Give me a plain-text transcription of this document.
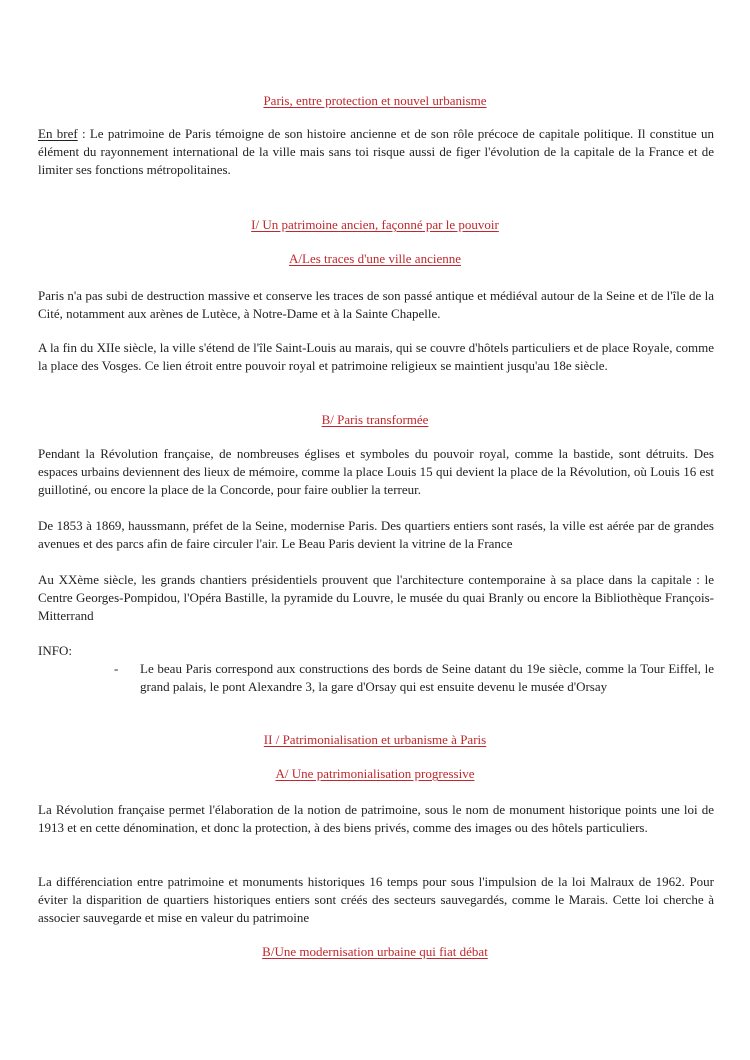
Paris, entre protection et nouvel urbanisme

En bref : Le patrimoine de Paris témoigne de son histoire ancienne et de son rôle précoce de capitale politique. Il constitue un élément du rayonnement international de la ville mais sans toi risque aussi de figer l'évolution de la capitale de la France et de limiter ses fonctions métropolitaines.

I/ Un patrimoine ancien, façonné par le pouvoir
A/Les traces d'une ville ancienne

Paris n'a pas subi de destruction massive et conserve les traces de son passé antique et médiéval autour de la Seine et de l'île de la Cité, notamment aux arènes de Lutèce, à Notre-Dame et à la Sainte Chapelle.

A la fin du XIIe siècle, la ville s'étend de l'île Saint-Louis au marais, qui se couvre d'hôtels particuliers et de place Royale, comme la place des Vosges. Ce lien étroit entre pouvoir royal et patrimoine religieux se maintient jusqu'au 18e siècle.

B/ Paris transformée

Pendant la Révolution française, de nombreuses églises et symboles du pouvoir royal, comme la bastide, sont détruits. Des espaces urbains deviennent des lieux de mémoire, comme la place Louis 15 qui devient la place de la Révolution, où Louis 16 est guillotiné, ou encore la place de la Concorde, pour faire oublier la terreur.

De 1853 à 1869, haussmann, préfet de la Seine, modernise Paris. Des quartiers entiers sont rasés, la ville est aérée par de grandes avenues et des parcs afin de faire circuler l'air. Le Beau Paris devient la vitrine de la France

Au XXème siècle, les grands chantiers présidentiels prouvent que l'architecture contemporaine à sa place dans la capitale : le Centre Georges-Pompidou, l'Opéra Bastille, la pyramide du Louvre, le musée du quai Branly ou encore la Bibliothèque François-Mitterrand

INFO:

- Le beau Paris correspond aux constructions des bords de Seine datant du 19e siècle, comme la Tour Eiffel, le grand palais, le pont Alexandre 3, la gare d'Orsay qui est ensuite devenu le musée d'Orsay
II / Patrimonialisation et urbanisme à Paris
A/ Une patrimonialisation progressive

La Révolution française permet l'élaboration de la notion de patrimoine, sous le nom de monument historique points une loi de 1913 et en cette dénomination, et donc la protection, à des biens privés, comme des images ou des hôtels particuliers.

La différenciation entre patrimoine et monuments historiques 16 temps pour sous l'impulsion de la loi Malraux de 1962. Pour éviter la disparition de quartiers historiques entiers sont créés des secteurs sauvegardés, comme le Marais. Cette loi cherche à associer sauvegarde et mise en valeur du patrimoine

B/Une modernisation urbaine qui fiat débat
